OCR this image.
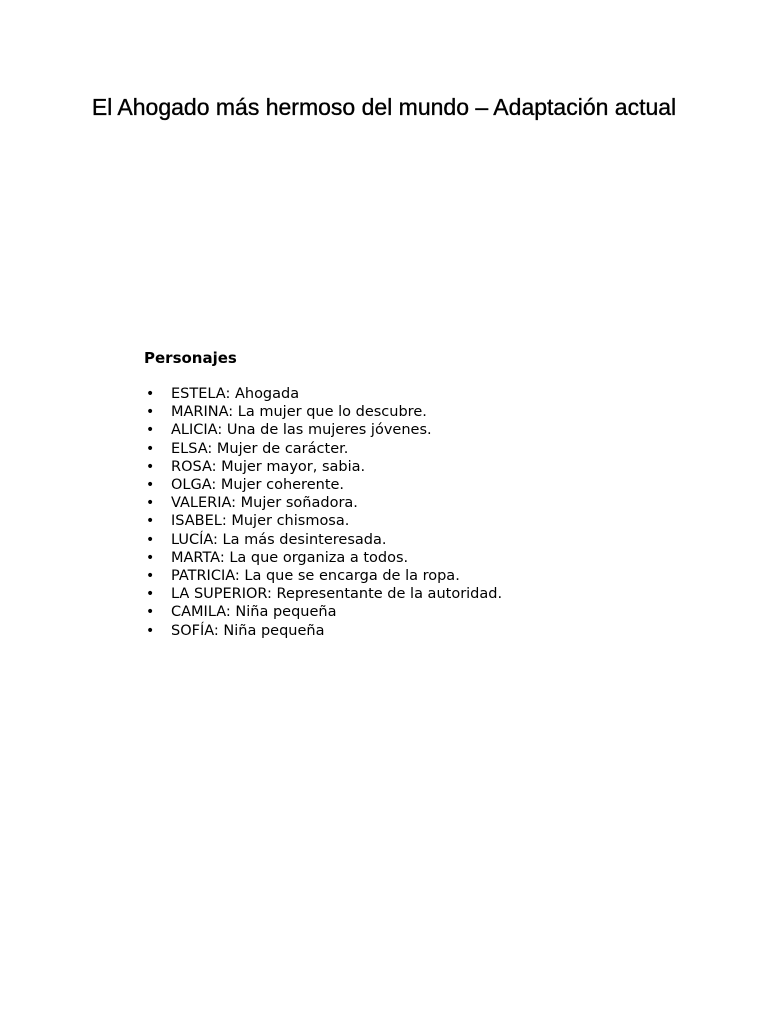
El Ahogado más hermoso del mundo – Adaptación actual
Personajes
• ESTELA: Ahogada
• MARINA: La mujer que lo descubre.
• ALICIA: Una de las mujeres jóvenes.
• ELSA: Mujer de carácter.
• ROSA: Mujer mayor, sabia.
• OLGA: Mujer coherente.
• VALERIA: Mujer soñadora.
• ISABEL: Mujer chismosa.
• LUCÍA: La más desinteresada.
• MARTA: La que organiza a todos.
• PATRICIA: La que se encarga de la ropa.
• LA SUPERIOR: Representante de la autoridad.
• CAMILA: Niña pequeña
• SOFÍA: Niña pequeña
